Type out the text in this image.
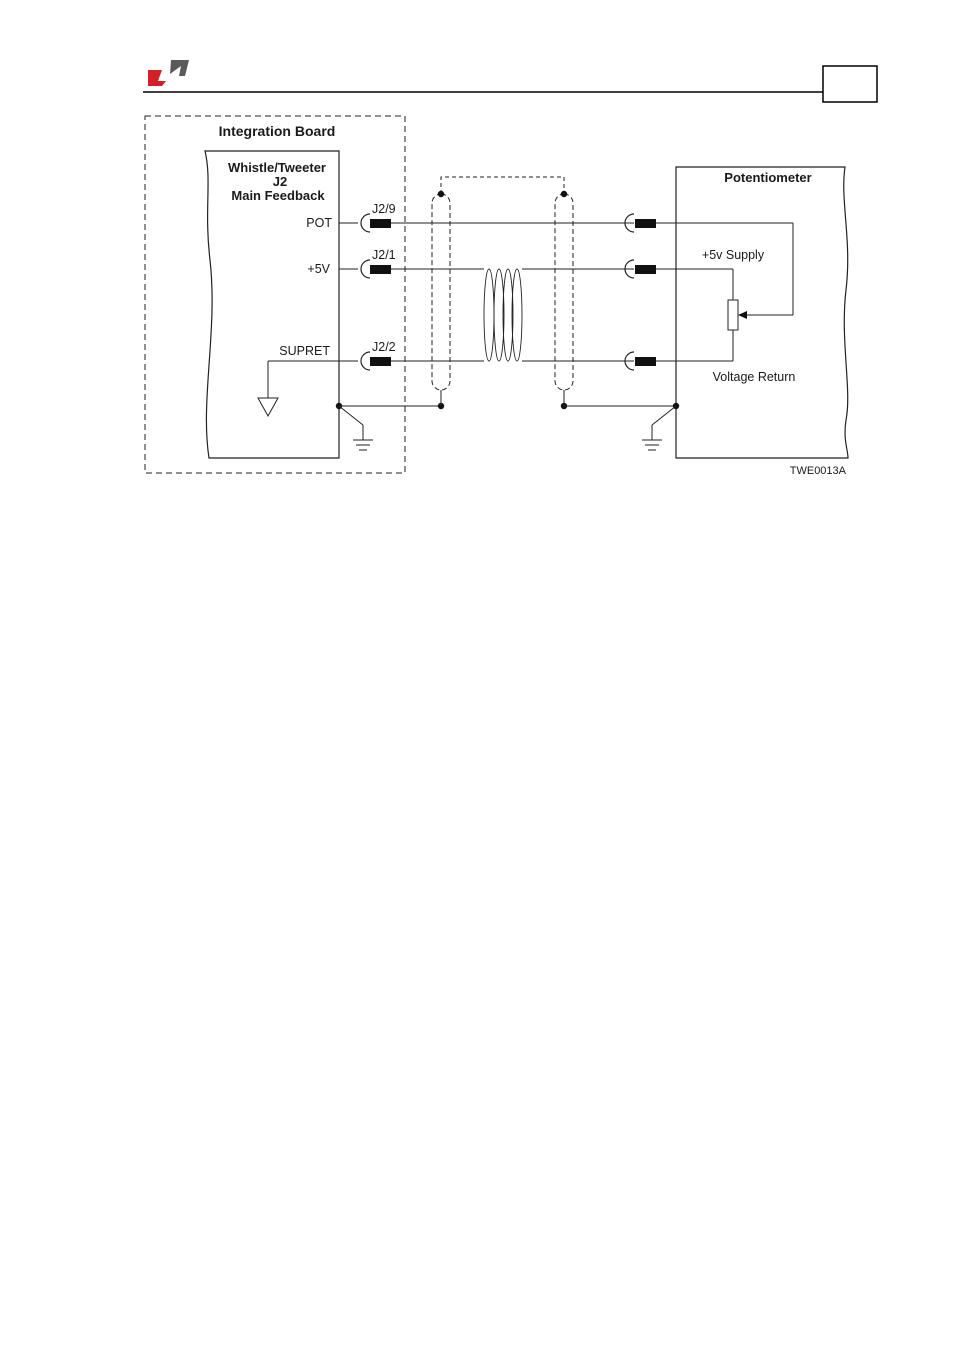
Integration Board
Whistle/Tweeter
J2
Main Feedback
POT
+5V
SUPRET
J2/9
J2/1
J2/2
Potentiometer
+5v Supply
Voltage Return
TWE0013A
